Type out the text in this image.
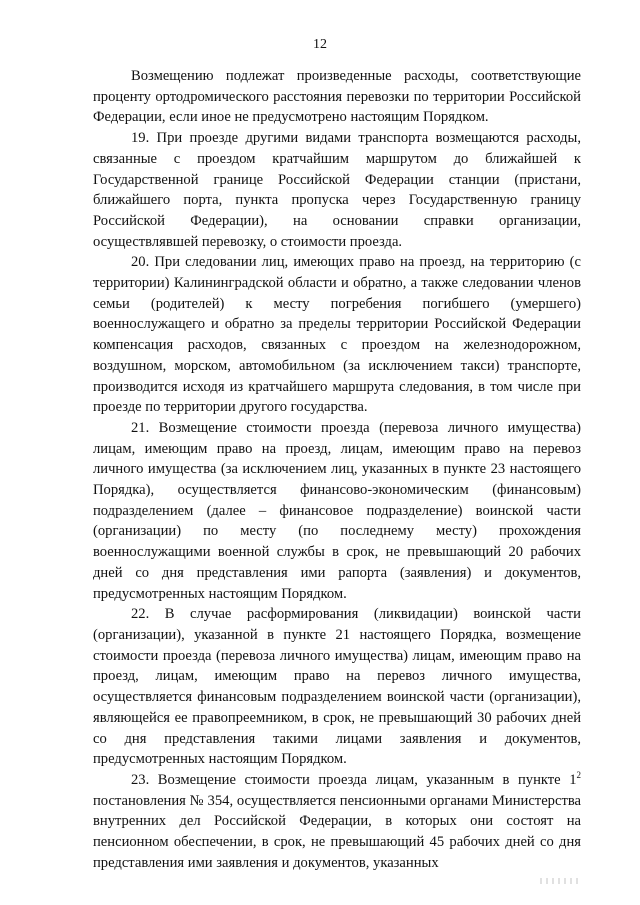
12

Возмещению подлежат произведенные расходы, соответствующие проценту ортодромического расстояния перевозки по территории Российской Федерации, если иное не предусмотрено настоящим Порядком.

19. При проезде другими видами транспорта возмещаются расходы, связанные с проездом кратчайшим маршрутом до ближайшей к Государственной границе Российской Федерации станции (пристани, ближайшего порта, пункта пропуска через Государственную границу Российской Федерации), на основании справки организации, осуществлявшей перевозку, о стоимости проезда.

20. При следовании лиц, имеющих право на проезд, на территорию (с территории) Калининградской области и обратно, а также следовании членов семьи (родителей) к месту погребения погибшего (умершего) военнослужащего и обратно за пределы территории Российской Федерации компенсация расходов, связанных с проездом на железнодорожном, воздушном, морском, автомобильном (за исключением такси) транспорте, производится исходя из кратчайшего маршрута следования, в том числе при проезде по территории другого государства.

21. Возмещение стоимости проезда (перевоза личного имущества) лицам, имеющим право на проезд, лицам, имеющим право на перевоз личного имущества (за исключением лиц, указанных в пункте 23 настоящего Порядка), осуществляется финансово-экономическим (финансовым) подразделением (далее – финансовое подразделение) воинской части (организации) по месту (по последнему месту) прохождения военнослужащими военной службы в срок, не превышающий 20 рабочих дней со дня представления ими рапорта (заявления) и документов, предусмотренных настоящим Порядком.

22. В случае расформирования (ликвидации) воинской части (организации), указанной в пункте 21 настоящего Порядка, возмещение стоимости проезда (перевоза личного имущества) лицам, имеющим право на проезд, лицам, имеющим право на перевоз личного имущества, осуществляется финансовым подразделением воинской части (организации), являющейся ее правопреемником, в срок, не превышающий 30 рабочих дней со дня представления такими лицами заявления и документов, предусмотренных настоящим Порядком.

23. Возмещение стоимости проезда лицам, указанным в пункте $1^2$ постановления № 354, осуществляется пенсионными органами Министерства внутренних дел Российской Федерации, в которых они состоят на пенсионном обеспечении, в срок, не превышающий 45 рабочих дней со дня представления ими заявления и документов, указанных
